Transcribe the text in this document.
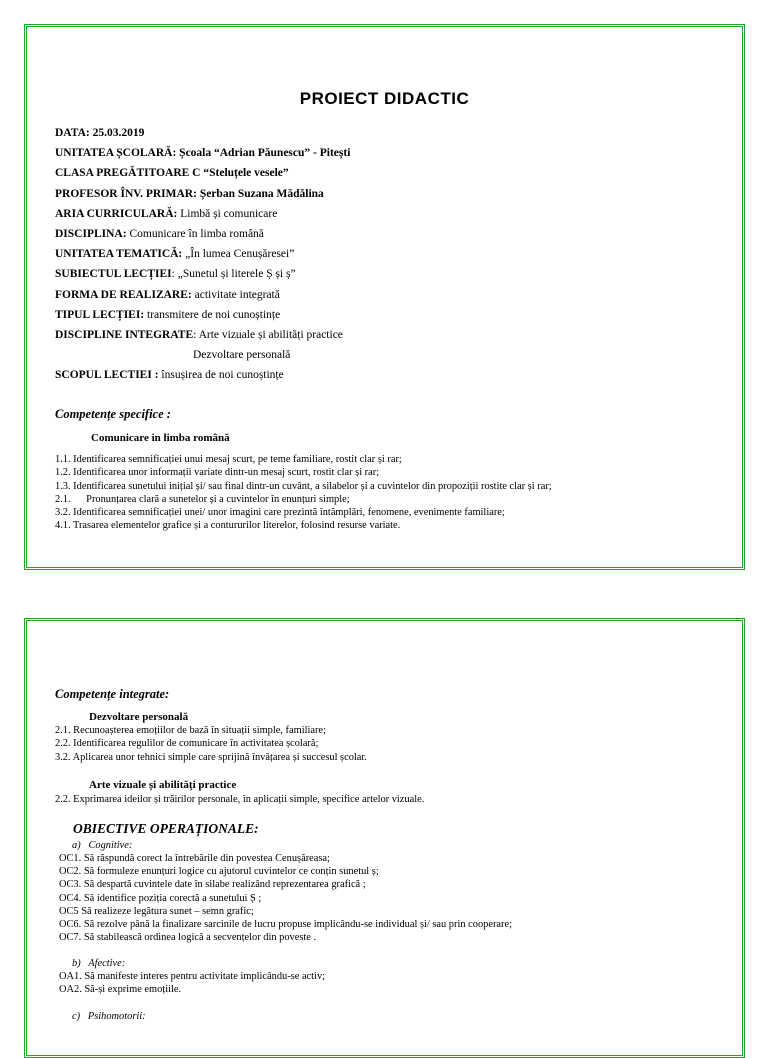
PROIECT DIDACTIC
DATA: 25.03.2019
UNITATEA ȘCOLARĂ: Școala “Adrian Păunescu” - Pitești
CLASA PREGĂTITOARE C “Steluțele vesele”
PROFESOR ÎNV. PRIMAR: Șerban Suzana Mădălina
ARIA CURRICULARĂ: Limbă și comunicare
DISCIPLINA: Comunicare în limba română
UNITATEA TEMATICĂ: „În lumea Cenușăresei”
SUBIECTUL LECȚIEI: „Sunetul și literele Ș și ș”
FORMA DE REALIZARE: activitate integrată
TIPUL LECȚIEI: transmitere de noi cunoștințe
DISCIPLINE INTEGRATE: Arte vizuale și abilități practice
Dezvoltare personală
SCOPUL LECTIEI : însușirea de noi cunoștințe
Competențe specifice :
Comunicare in limba română
1.1. Identificarea semnificației unui mesaj scurt, pe teme familiare, rostit clar și rar;
1.2. Identificarea unor informații variate dintr-un mesaj scurt, rostit clar și rar;
1.3. Identificarea sunetului inițial și/ sau final dintr-un cuvânt, a silabelor și a cuvintelor din propoziții rostite clar și rar;
2.1.      Pronunțarea clară a sunetelor și a cuvintelor în enunțuri simple;
3.2. Identificarea semnificației unei/ unor imagini care prezintă întâmplări, fenomene, evenimente familiare;
4.1. Trasarea elementelor grafice și a contururilor literelor, folosind resurse variate.
Competențe integrate:
Dezvoltare personală
2.1. Recunoașterea emoțiilor de bază în situații simple, familiare;
2.2. Identificarea regulilor de comunicare în activitatea școlară;
3.2. Aplicarea unor tehnici simple care sprijină învățarea și succesul școlar.
Arte vizuale și abilități practice
2.2. Exprimarea ideilor și trăirilor personale, în aplicații simple, specifice artelor vizuale.
OBIECTIVE OPERAȚIONALE:
a)   Cognitive:
OC1. Să răspundă corect la întrebările din povestea Cenușăreasa;
OC2. Să formuleze enunțuri logice cu ajutorul cuvintelor ce conțin sunetul ș;
OC3. Să despartă cuvintele date în silabe realizând reprezentarea grafică ;
OC4. Să identifice poziția corectă a sunetului Ș ;
OC5 Să realizeze legătura sunet – semn grafic;
OC6. Să rezolve până la finalizare sarcinile de lucru propuse implicându-se individual și/ sau prin cooperare;
OC7. Să stabilească ordinea logică a secvențelor din poveste .
b)   Afective:
OA1. Să manifeste interes pentru activitate implicându-se activ;
OA2. Să-și exprime emoțiile.
c)   Psihomotorii:
